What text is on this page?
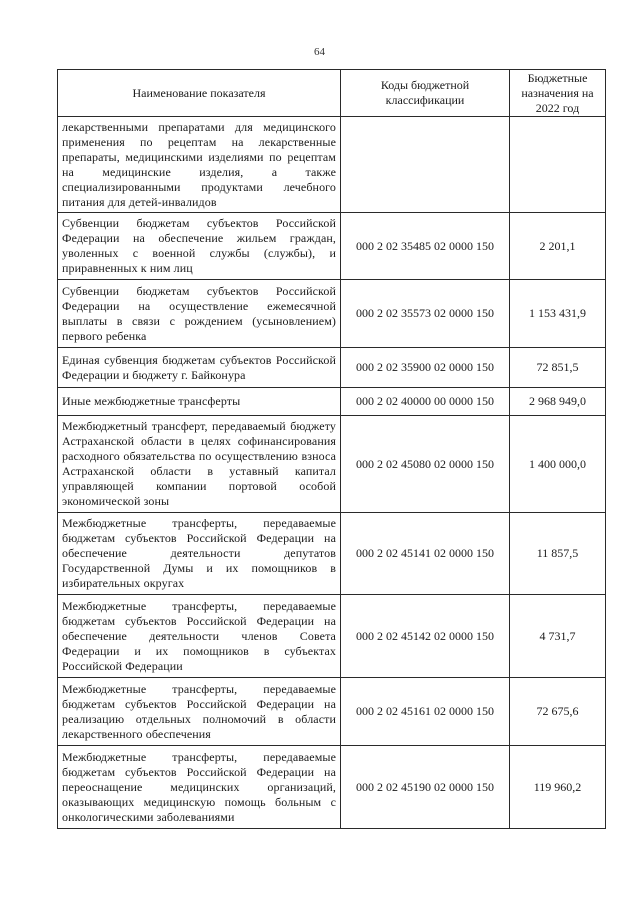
64
Наименование показателя	Коды бюджетной классификации	Бюджетные назначения на 2022 год
лекарственными препаратами для медицинского применения по рецептам на лекарственные препараты, медицинскими изделиями по рецептам на медицинские изделия, а также специализированными продуктами лечебного питания для детей-инвалидов		
Субвенции бюджетам субъектов Российской Федерации на обеспечение жильем граждан, уволенных с военной службы (службы), и приравненных к ним лиц	000 2 02 35485 02 0000 150	2 201,1
Субвенции бюджетам субъектов Российской Федерации на осуществление ежемесячной выплаты в связи с рождением (усыновлением) первого ребенка	000 2 02 35573 02 0000 150	1 153 431,9
Единая субвенция бюджетам субъектов Российской Федерации и бюджету г. Байконура	000 2 02 35900 02 0000 150	72 851,5
Иные межбюджетные трансферты	000 2 02 40000 00 0000 150	2 968 949,0
Межбюджетный трансферт, передаваемый бюджету Астраханской области в целях софинансирования расходного обязательства по осуществлению взноса Астраханской области в уставный капитал управляющей компании портовой особой экономической зоны	000 2 02 45080 02 0000 150	1 400 000,0
Межбюджетные трансферты, передаваемые бюджетам субъектов Российской Федерации на обеспечение деятельности депутатов Государственной Думы и их помощников в избирательных округах	000 2 02 45141 02 0000 150	11 857,5
Межбюджетные трансферты, передаваемые бюджетам субъектов Российской Федерации на обеспечение деятельности членов Совета Федерации и их помощников в субъектах Российской Федерации	000 2 02 45142 02 0000 150	4 731,7
Межбюджетные трансферты, передаваемые бюджетам субъектов Российской Федерации на реализацию отдельных полномочий в области лекарственного обеспечения	000 2 02 45161 02 0000 150	72 675,6
Межбюджетные трансферты, передаваемые бюджетам субъектов Российской Федерации на переоснащение медицинских организаций, оказывающих медицинскую помощь больным с онкологическими заболеваниями	000 2 02 45190 02 0000 150	119 960,2
